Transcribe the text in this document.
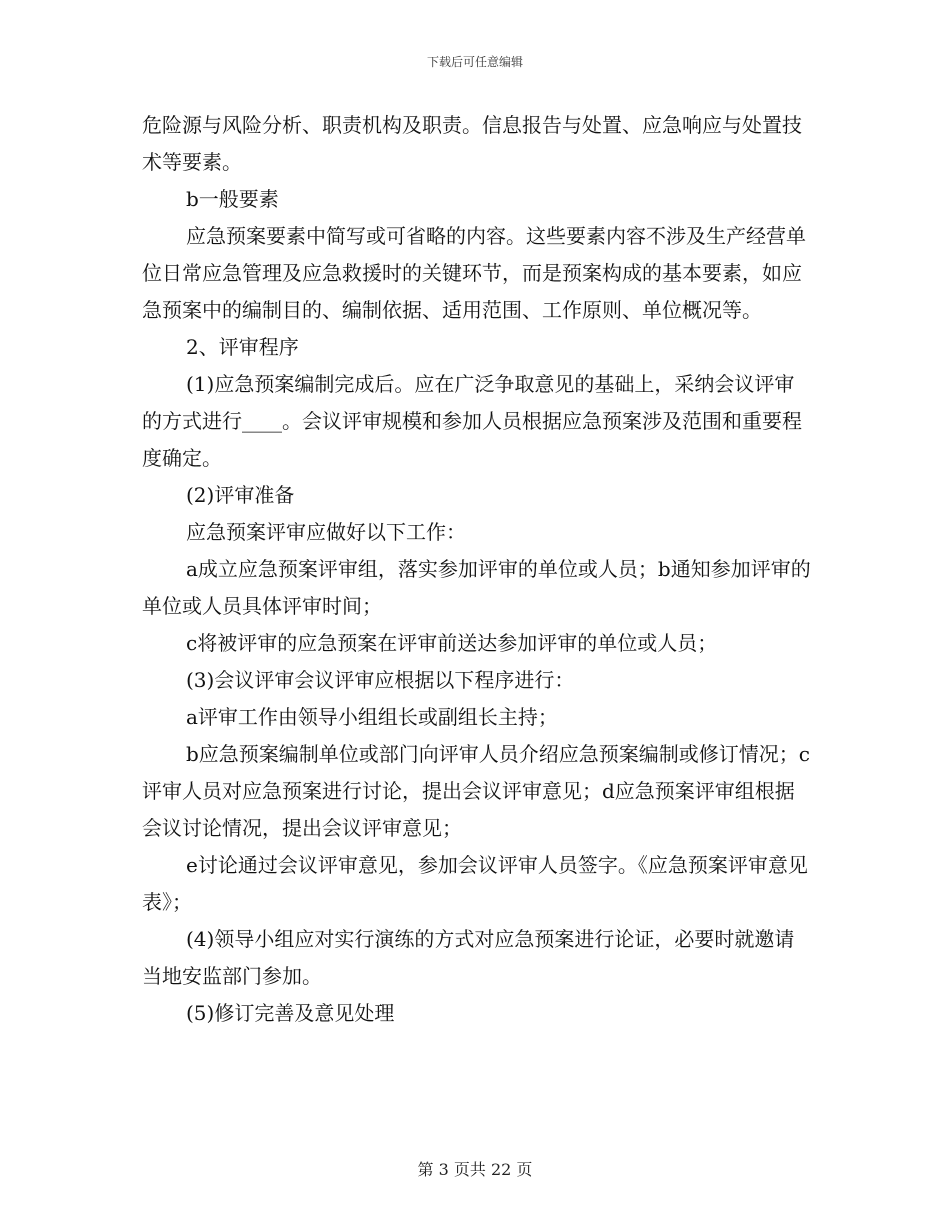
下载后可任意编辑

危险源与风险分析、职责机构及职责。信息报告与处置、应急响应与处置技术等要素。

b一般要素

应急预案要素中简写或可省略的内容。这些要素内容不涉及生产经营单位日常应急管理及应急救援时的关键环节，而是预案构成的基本要素，如应急预案中的编制目的、编制依据、适用范围、工作原则、单位概况等。

2、评审程序

(1)应急预案编制完成后。应在广泛争取意见的基础上，采纳会议评审的方式进行____。会议评审规模和参加人员根据应急预案涉及范围和重要程度确定。

(2)评审准备

应急预案评审应做好以下工作：

a成立应急预案评审组，落实参加评审的单位或人员；b通知参加评审的单位或人员具体评审时间；

c将被评审的应急预案在评审前送达参加评审的单位或人员；

(3)会议评审会议评审应根据以下程序进行：

a评审工作由领导小组组长或副组长主持；

b应急预案编制单位或部门向评审人员介绍应急预案编制或修订情况；c评审人员对应急预案进行讨论，提出会议评审意见；d应急预案评审组根据会议讨论情况，提出会议评审意见；

e讨论通过会议评审意见，参加会议评审人员签字。《应急预案评审意见表》；

(4)领导小组应对实行演练的方式对应急预案进行论证，必要时就邀请当地安监部门参加。

(5)修订完善及意见处理

第 3 页共 22 页
